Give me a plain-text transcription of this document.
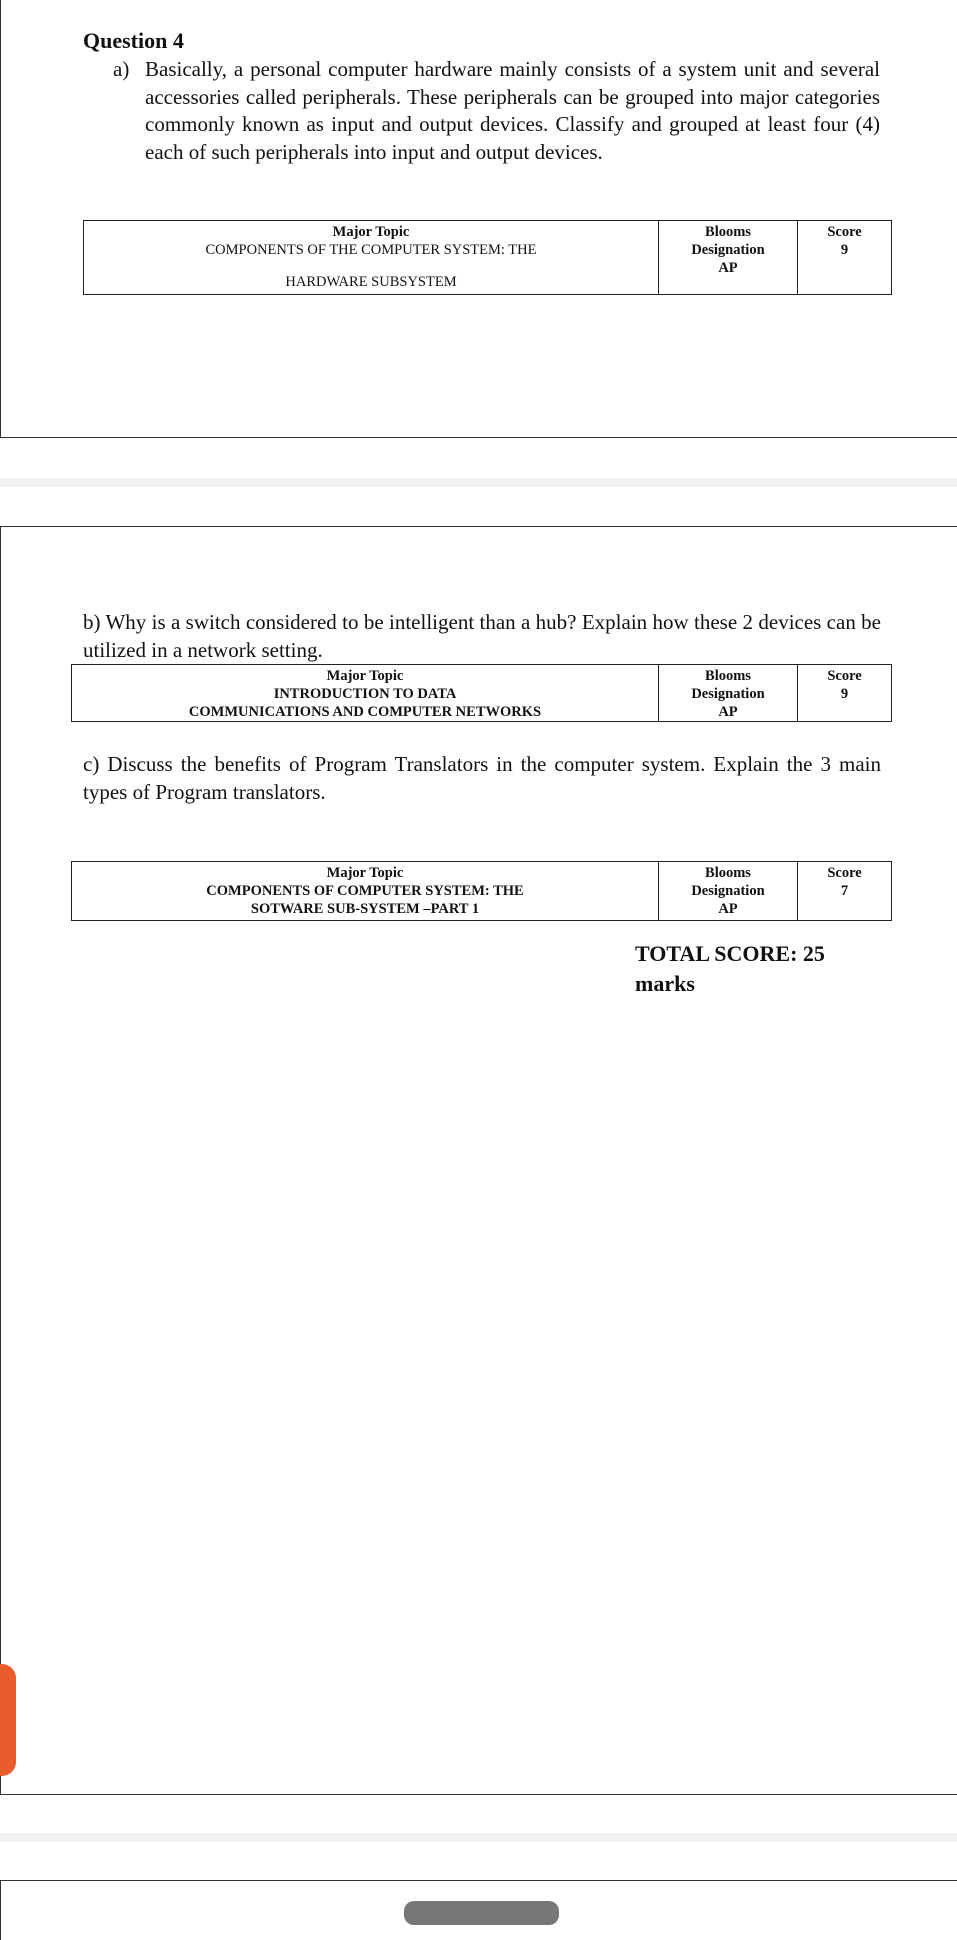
Question 4
a) Basically, a personal computer hardware mainly consists of a system unit and several accessories called peripherals. These peripherals can be grouped into major categories commonly known as input and output devices. Classify and grouped at least four (4) each of such peripherals into input and output devices.
Major Topic
COMPONENTS OF THE COMPUTER SYSTEM: THE
HARDWARE SUBSYSTEM

Blooms
Designation
AP

Score
9
b) Why is a switch considered to be intelligent than a hub? Explain how these 2 devices can be utilized in a network setting.
Major Topic
INTRODUCTION TO DATA
COMMUNICATIONS AND COMPUTER NETWORKS

Blooms
Designation
AP

Score
9
c) Discuss the benefits of Program Translators in the computer system. Explain the 3 main types of Program translators.
Major Topic
COMPONENTS OF COMPUTER SYSTEM: THE
SOTWARE SUB-SYSTEM –PART 1

Blooms
Designation
AP

Score
7
TOTAL SCORE: 25
marks
